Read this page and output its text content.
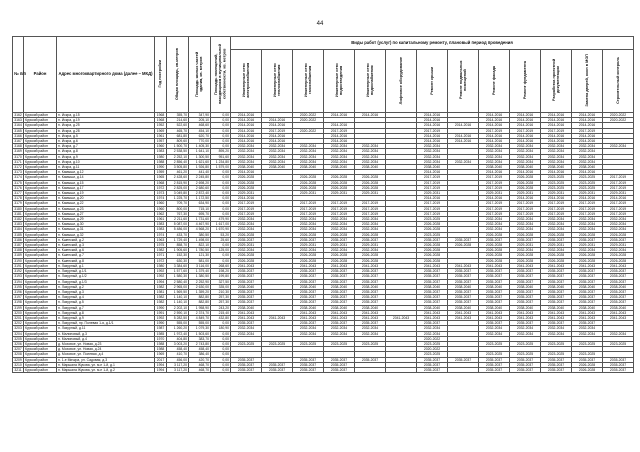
44
№ п/п	Район	Адрес многоквартирного дома (далее – МКД)	Год постройки	Общая площадь, кв.метров	Площадь жилых частей здания, кв. метров	Площадь помещений, находящихся в муниципальной собственности, кв. метров	Виды работ (услуг) по капитальному ремонту, плановый период проведения												
							Инженерные сети электроснабжения	Инженерные сети теплоснабжения	Инженерные сети газоснабжения	Инженерные сети водоотведения	Инженерные сети водоснабжения	Лифтовое оборудование	Ремонт крыши	Ремонт подвальных помещений	Ремонт фасада	Ремонт фундамента	Разработка проектной документации	Замена дверей, окон в МОП	Строительный контроль
3162	Курский район	п. Искра, д.15	1968	355,70	347,90	0,00	2014-2016		2020-2022	2014-2016	2014-2016		2014-2016		2014-2016	2014-2016	2014-2016	2014-2016	2020-2022
3163	Курский район	п. Искра, д.19	1968	214,60	205,10	0,00	2014-2016	2014-2016	2020-2022				2014-2016		2014-2016	2014-2016	2014-2016	2014-2016	2020-2022
3164	Курский район	п. Искра, д.25	1952	522,60	468,60	0,00	2014-2016	2014-2016		2014-2016			2014-2016	2014-2016	2014-2016	2014-2016	2014-2016	2014-2016	
3165	Курский район	п. Искра, д.28	1969	465,70	454,10	0,00	2014-2016	2017-2019	2020-2022	2017-2019			2017-2019		2017-2019	2017-2019	2017-2019	2017-2019	
3166	Курский район	п. Искра, д.5	1961	681,80	620,70	0,00	2014-2016	2014-2016		2014-2016			2014-2016	2014-2016	2014-2016	2014-2016	2014-2016	2014-2016	
3167	Курский район	п. Искра, д.6	1957	809,60	770,00	0,00	2014-2016	2014-2016		2014-2016			2014-2016	2014-2016	2014-2016	2014-2016	2014-2016	2014-2016	
3168	Курский район	п. Искра, д.7	1960	1 500,70	1 405,30	0,00	2032-2034	2032-2034	2032-2034	2032-2034	2032-2034		2032-2034		2032-2034	2032-2034	2032-2034	2032-2034	2032-2034
3169	Курский район	п. Искра, д.8	1983	2 538,50	1 641,10	895,20	2032-2034	2032-2034	2032-2034	2032-2034	2032-2034		2032-2034		2032-2034	2032-2034	2032-2034	2032-2034	
3170	Курский район	п. Искра, д.9	1980	2 252,10	1 300,50	951,60	2032-2034	2032-2034	2032-2034	2032-2034	2032-2034		2032-2034		2032-2034	2032-2034	2032-2034	2032-2034	
3171	Курский район	п. Искра, д.10	1988	2 856,40	1 621,60	1 234,80	2032-2034	2032-2034	2032-2034	2032-2034	2032-2034		2032-2034	2032-2034	2032-2034	2032-2034	2032-2034	2032-2034	
3172	Курский район	п. Искра, д.11	1990	3 505,80	1 926,80	1 579,00	2038-2040	2038-2040	2038-2040	2038-2040	2038-2040		2038-2040		2038-2040	2038-2040	2038-2040	2038-2040	
3173	Курский район	п. Камыши, д.12	1959	461,20	441,40	0,00	2014-2016						2014-2016		2014-2016	2014-2016	2014-2016	2014-2016	
3174	Курский район	п. Камыши, д.14	1965	2 428,60	2 245,80	0,00	2026-2028		2026-2028	2026-2028	2026-2028		2017-2019		2017-2019	2026-2028	2023-2025	2023-2025	2017-2019
3175	Курский район	п. Камыши, д.15	1968	2 815,90	2 698,20	0,00	2026-2028		2026-2028	2026-2028	2026-2028		2017-2019		2017-2019	2026-2028	2023-2025	2023-2025	2017-2019
3176	Курский район	п. Камыши, д.17	1972	2 825,00	2 680,60	0,00	2026-2028		2026-2028	2026-2028	2026-2028		2017-2019		2017-2019	2026-2028	2023-2025	2023-2025	2017-2019
3177	Курский район	п. Камыши, д.19	1973	3 049,80	2 872,40	0,00	2029-2031		2029-2031	2029-2031	2029-2031		2029-2031		2029-2031	2029-2031	2029-2031	2029-2031	2029-2031
3178	Курский район	п. Камыши, д.20	1974	1 225,70	1 172,50	0,00	2014-2016						2014-2016		2014-2016	2014-2016	2014-2016	2014-2016	2014-2016
3179	Курский район	п. Камыши, д.22	1960	709,70	634,90	0,00	2017-2019		2017-2019	2017-2019	2017-2019		2017-2019		2017-2019	2017-2019	2017-2019	2017-2019	2017-2019
3180	Курский район	п. Камыши, д.23	1960	800,00	715,10	0,00	2017-2019		2017-2019	2017-2019	2017-2019		2017-2019		2017-2019	2017-2019	2017-2019	2017-2019	2017-2019
3181	Курский район	п. Камыши, д.27	1962	767,30	695,70	0,00	2017-2019		2017-2019	2017-2019	2017-2019		2017-2019		2017-2019	2017-2019	2017-2019	2017-2019	2017-2019
3182	Курский район	п. Камыши, д.29	1961	2 211,60	1 731,60	479,90	2032-2034		2032-2034	2032-2034	2032-2034		2023-2025		2032-2034	2032-2034	2032-2034	2032-2034	2032-2034
3183	Курский район	п. Камыши, д.30	1983	5 087,00	4 467,90	1 617,00	2032-2034		2032-2034	2032-2034	2032-2034		2026-2028		2032-2034	2032-2034	2032-2034	2032-2034	2032-2034
3184	Курский район	п. Камыши, д.31	1983	5 486,00	4 568,20	1 670,90	2032-2034		2032-2034	2032-2034	2032-2034		2026-2028		2032-2034	2032-2034	2032-2034	2032-2034	2032-2034
3185	Курский район	п. Камыши, д.32	1974	433,70	380,50	53,20	2026-2028		2026-2028	2026-2028	2026-2028		2023-2025		2026-2028	2026-2028	2026-2028	2026-2028	2026-2028
3186	Курский район	п. Кшенский, д.2	1963	1 729,40	1 498,00	25,60	2035-2037		2035-2037	2035-2037	2035-2037		2035-2037	2035-2037	2035-2037	2035-2037	2035-2037	2035-2037	2035-2037
3187	Курский район	п. Кшенский, д.3	1975	858,70	822,10	0,00	2029-2031		2029-2031	2029-2031	2029-2031		2026-2028	2026-2028	2026-2028	2029-2031	2029-2031	2029-2031	2029-2031
3188	Курский район	п. Кшенский, д.6	1982	1 905,60	1 780,50	125,00	2032-2034		2032-2034	2032-2034	2032-2034		2026-2028		2026-2028	2032-2034	2032-2034	2032-2034	2032-2034
3189	Курский район	п. Кшенский, д.7	1971	152,30	121,30	0,00	2026-2028		2026-2028	2026-2028	2026-2028		2026-2028		2026-2028	2026-2028	2026-2028	2026-2028	2026-2028
3190	Курский район	п. Кшенский, д.8	1972	630,30	581,00	0,00	2026-2028		2026-2028	2026-2028	2026-2028		2026-2028		2026-2028	2026-2028	2026-2028	2026-2028	2026-2028
3191	Курский район	п. Лазурный, д.1	1980	3 384,60	3 116,00	268,60	2041-2043		2041-2043	2041-2043	2041-2043		2041-2043	2041-2043	2041-2043	2041-2043	2041-2043	2041-2043	2041-2043
3192	Курский район	п. Лазурный, д.1/1	1992	1 577,60	1 379,40	198,20	2035-2037		2035-2037	2035-2037	2035-2037		2035-2037	2035-2037	2035-2037	2035-2037	2035-2037	2035-2037	2035-2037
3193	Курский район	п. Лазурный, д.1/2	1992	1 580,30	1 380,50	199,80	2035-2037		2035-2037	2035-2037	2035-2037		2035-2037	2035-2037	2035-2037	2035-2037	2035-2037	2035-2037	2035-2037
3194	Курский район	п. Лазурный, д.1/3	1994	2 580,40	2 252,90	327,50	2035-2037		2035-2037	2035-2037	2035-2037		2035-2037	2035-2037	2035-2037	2035-2037	2035-2037	2035-2037	2035-2037
3195	Курский район	п. Лазурный, д.2	1982	2 965,00	2 630,00	335,00	2038-2040		2038-2040	2038-2040	2038-2040		2038-2040	2038-2040	2038-2040	2038-2040	2038-2040	2038-2040	2038-2040
3196	Курский район	п. Лазурный, д.3	1981	1 569,50	1 359,20	210,30	2035-2037		2035-2037	2035-2037	2035-2037		2035-2037	2035-2037	2035-2037	2035-2037	2035-2037	2035-2037	2035-2037
3197	Курский район	п. Лазурный, д.4	1982	1 140,10	882,80	257,30	2035-2037		2035-2037	2035-2037	2035-2037		2035-2037	2035-2037	2035-2037	2035-2037	2035-2037	2035-2037	2035-2037
3198	Курский район	п. Лазурный, д.5	1982	1 140,10	882,80	257,30	2035-2037		2035-2037	2035-2037	2035-2037		2035-2037	2035-2037	2035-2037	2035-2037	2035-2037	2035-2037	2035-2037
3199	Курский район	п. Лазурный, д.7	1990	2 202,10	1 958,90	243,20	2038-2040		2038-2040	2038-2040	2038-2040		2038-2040	2038-2040	2038-2040	2038-2040	2038-2040	2038-2040	2038-2040
3200	Курский район	п. Лазурный, д.8	1991	2 590,10	2 374,70	215,40	2041-2043		2041-2043	2041-2043	2041-2043		2041-2043	2041-2043	2041-2043	2041-2043	2041-2043	2041-2043	2041-2043
3201	Курский район	п. Лазурный, д.9	1992	5 282,50	4 849,70	432,80	2041-2043	2041-2043	2041-2043	2041-2043	2041-2043	2041-2043	2041-2043	2041-2043	2041-2043	2041-2043	2041-2043	2041-2043	2041-2043
3202	Курский район	п. Лазурный, пр. Полевая 1-я, д.1/1	1990	555,00	555,00	0,00	2035-2037		2035-2037	2035-2037	2035-2037		2035-2037		2035-2037	2035-2037	2035-2037	2035-2037	
3203	Курский район	п. Лазурный, д.11	1987	1 260,20	1 079,30	180,90	2032-2034		2032-2034	2032-2034	2032-2034		2032-2034		2032-2034	2032-2034	2032-2034	2032-2034	
3204	Курский район	п. Малиновый, д.3	1985	1 972,40	1 503,60	0,00	2032-2034		2032-2034	2032-2034	2032-2034		2032-2034		2032-2034	2032-2034	2032-2034	2032-2034	2032-2034
3205	Курский район	п. Малиновый, д.4	1970	404,80	383,70	0,00							2020-2022						
3206	Курский район	д. Моховое, ул. Новая, д.23	1988	3 003,20	2 743,80	0,00	2023-2025	2023-2025	2023-2025	2023-2025	2023-2025		2023-2025		2023-2025	2023-2025	2023-2025	2023-2025	2023-2025
3207	Курский район	д. Моховое, ул. Новая, д.24	1988	458,40	458,40	0,00							2020-2022						
3208	Курский район	д. Моховое, ул. Полевая, д.4	1969	410,70	386,40	0,00							2023-2025		2023-2025	2023-2025	2023-2025	2023-2025	
3209	Курский район	п. 1-е Мичкра, ул. Садовая, д.3	2017	456,00	420,70	0,00	2035-2037		2035-2037	2035-2037	2035-2037		2035-2037	2035-2037	2035-2037	2035-2037	2035-2037	2035-2037	2035-2037
3210	Курский район	п. Маршала Жукова, ул. м-н 1-й, д.1	1994	3 117,20	468,70	0,00	2035-2037	2035-2037	2035-2037	2035-2037			2035-2037		2035-2037	2035-2037	2035-2037	2026-2028	2035-2037
3211	Курский район	п. Маршала Жукова, ул. м-н 1-й, д.2	1994	3 117,20	468,70	0,00	2035-2037	2035-2037	2035-2037	2035-2037			2035-2037		2035-2037	2035-2037	2035-2037	2026-2028	2035-2037
